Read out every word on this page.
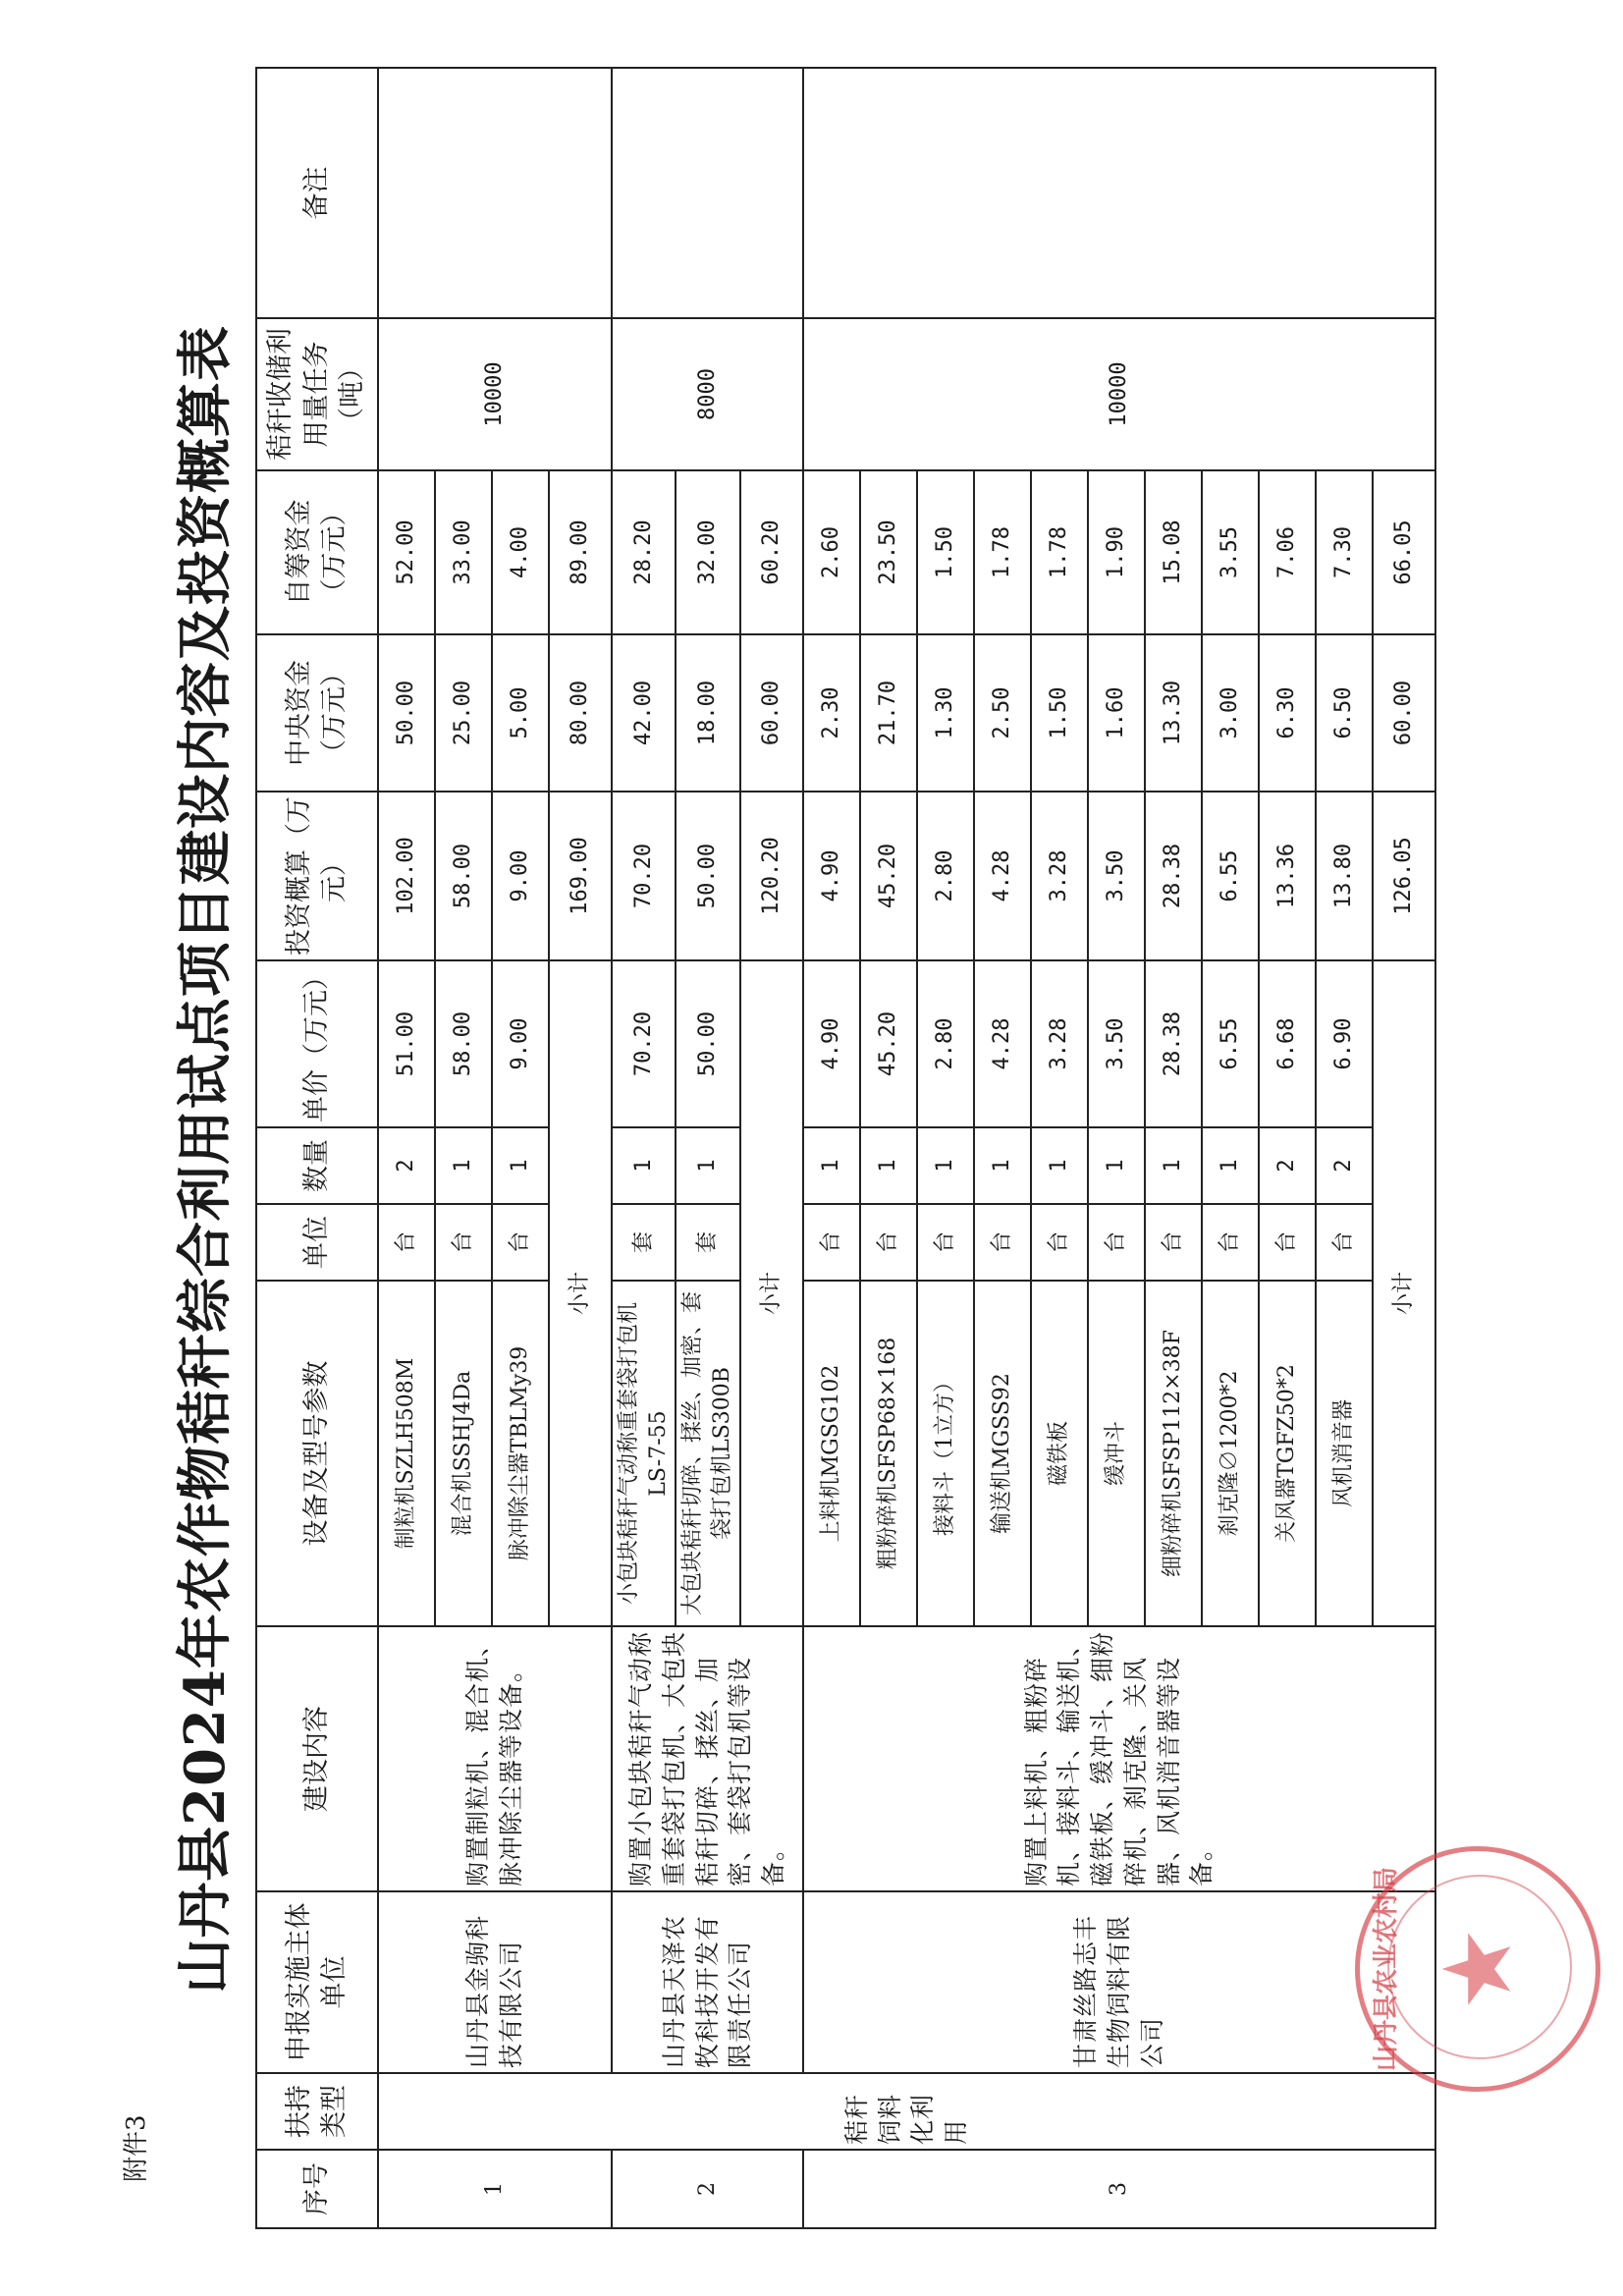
附件3
山丹县2024年农作物秸秆综合利用试点项目建设内容及投资概算表
序号	扶持类型	申报实施主体单位	建设内容	设备及型号参数	单位	数量	单价（万元）	投资概算（万元）	中央资金（万元）	自筹资金（万元）	秸秆收储利用量任务（吨）	备注
1	秸秆饲料化利用	山丹县金驹科技有限公司	购置制粒机、混合机、脉冲除尘器等设备。	制粒机SZLH508M	台	2	51.00	102.00	50.00	52.00	10000	
				混合机SSHJ4Da	台	1	58.00	58.00	25.00	33.00		
				脉冲除尘器TBLMy39	台	1	9.00	9.00	5.00	4.00		
				小计				169.00	80.00	89.00		
2		山丹县天泽农牧科技开发有限责任公司	购置小包块秸秆气动称重套袋打包机、大包块秸秆切碎、揉丝、加密、套袋打包机等设备。	小包块秸秆气动称重套袋打包机LS-7-55	套	1	70.20	70.20	42.00	28.20	8000	
				大包块秸秆切碎、揉丝、加密、套袋打包机LS300B	套	1	50.00	50.00	18.00	32.00		
				小计				120.20	60.00	60.20		
3		甘肃丝路志丰生物饲料有限公司	购置上料机、粗粉碎机、接料斗、输送机、磁铁板、缓冲斗、细粉碎机、刹克隆、关风器、风机消音器等设备。	上料机MGSG102	台	1	4.90	4.90	2.30	2.60	10000	
				粗粉碎机SFSP68×168	台	1	45.20	45.20	21.70	23.50		
				接料斗（1立方）	台	1	2.80	2.80	1.30	1.50		
				输送机MGSS92	台	1	4.28	4.28	2.50	1.78		
				磁铁板	台	1	3.28	3.28	1.50	1.78		
				缓冲斗	台	1	3.50	3.50	1.60	1.90		
				细粉碎机SFSP112×38F	台	1	28.38	28.38	13.30	15.08		
				刹克隆∅1200*2	台	1	6.55	6.55	3.00	3.55		
				关风器TGFZ50*2	台	2	6.68	13.36	6.30	7.06		
				风机消音器	台	2	6.90	13.80	6.50	7.30		
				小计				126.05	60.00	66.05		
山丹县农业农村局 ★
